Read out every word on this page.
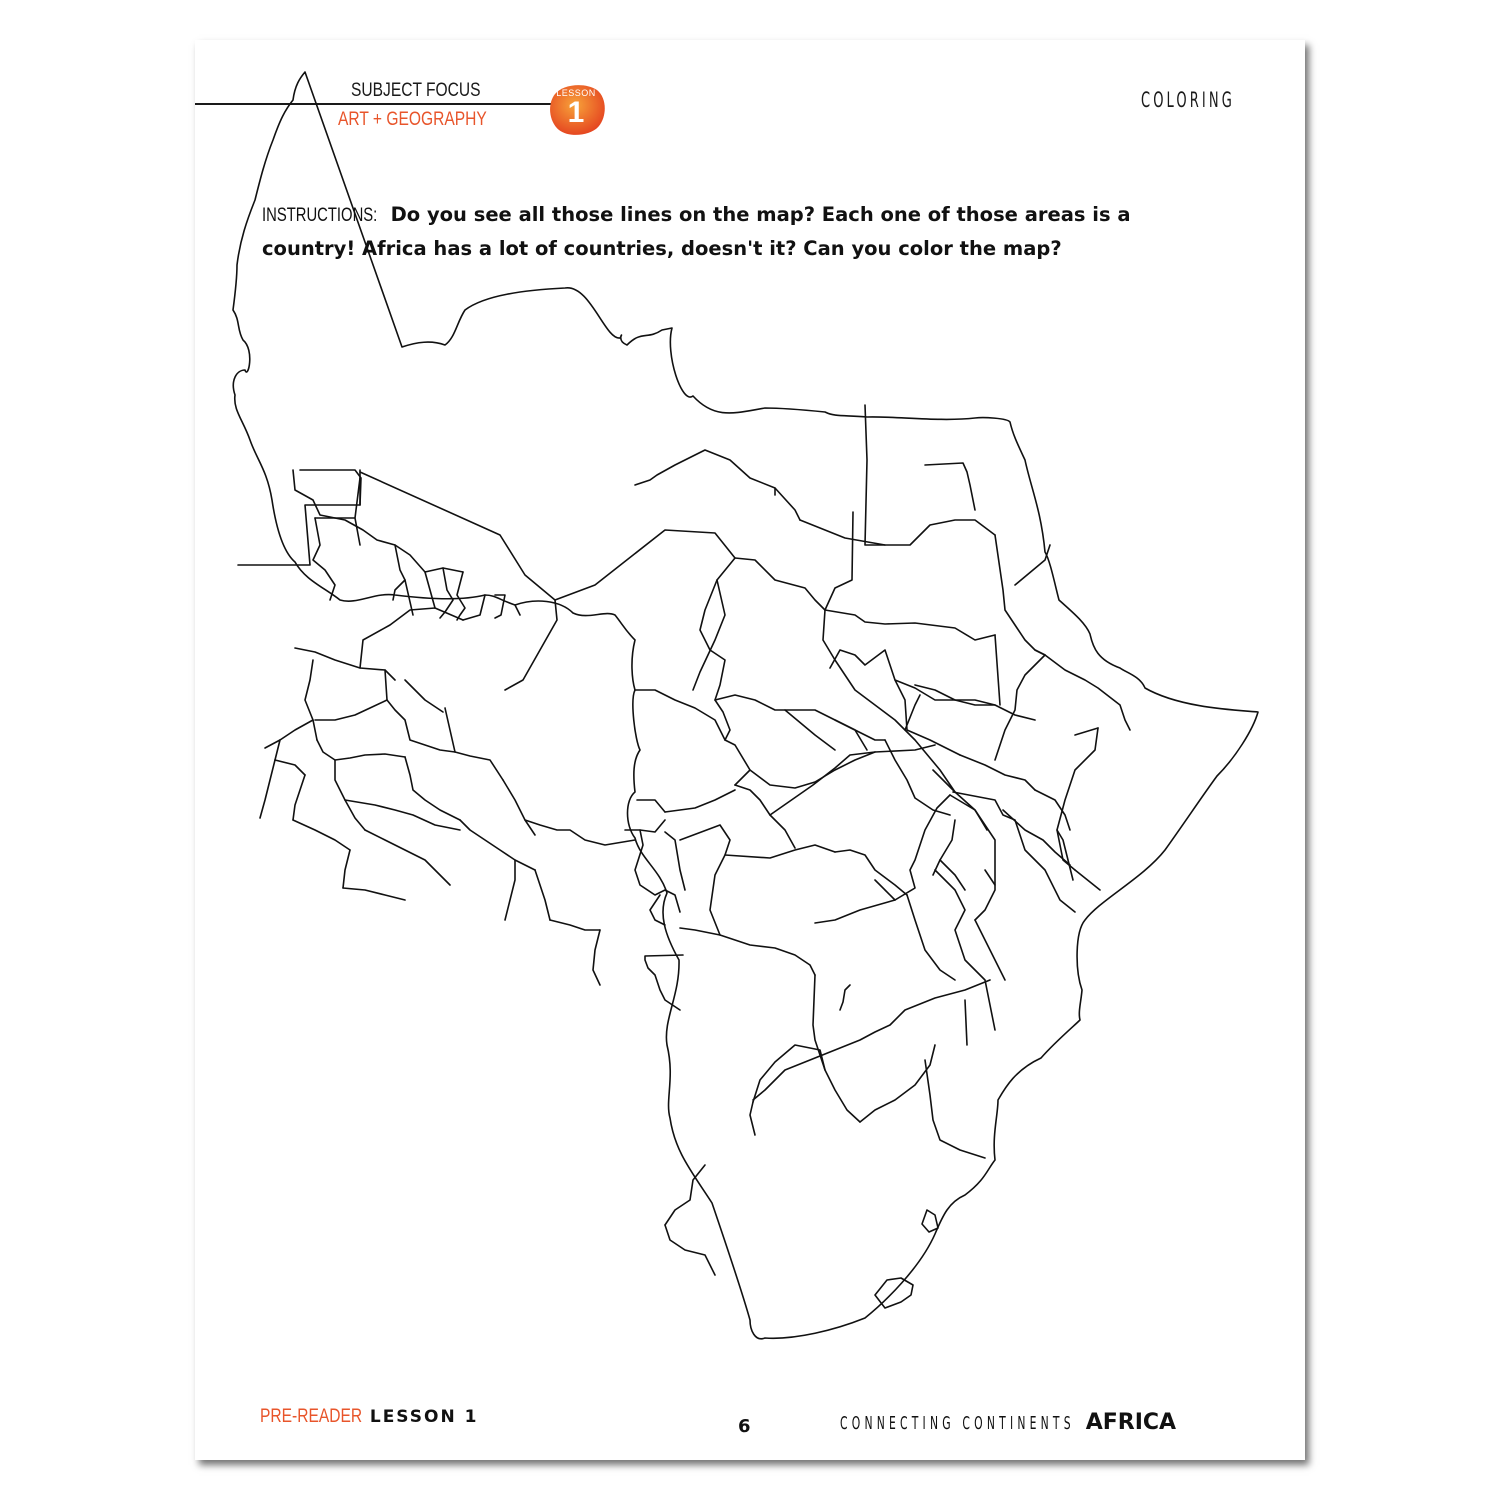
SUBJECT FOCUS
ART + GEOGRAPHY
LESSON
1	COLORING
INSTRUCTIONS: Do you see all those lines on the map? Each one of those areas is a country! Africa has a lot of countries, doesn't it? Can you color the map?
PRE-READER LESSON 1	6	CONNECTING CONTINENTS AFRICA
